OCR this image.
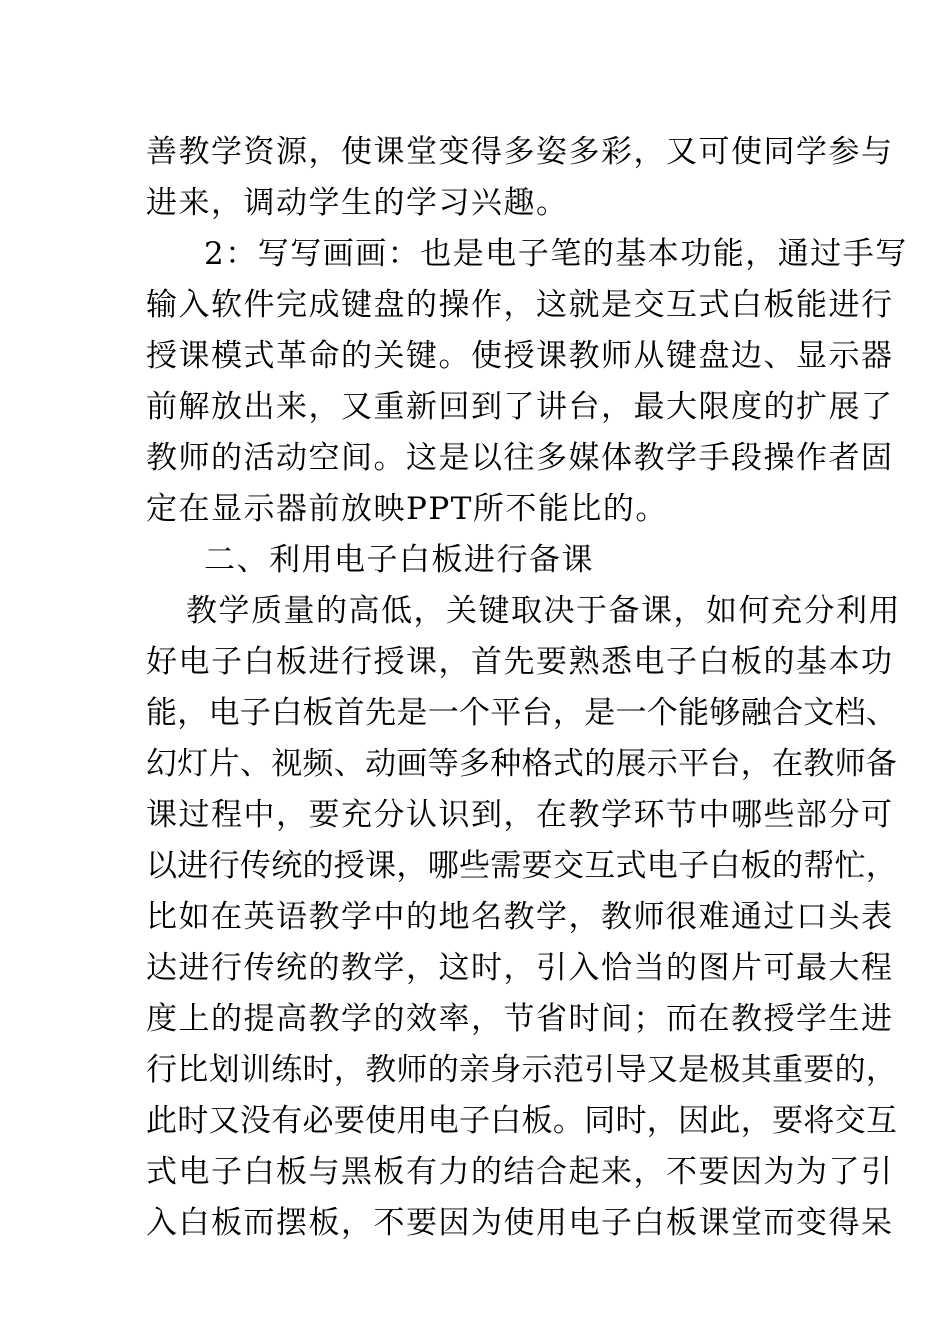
善教学资源，使课堂变得多姿多彩，又可使同学参与
进来，调动学生的学习兴趣。
2：写写画画：也是电子笔的基本功能，通过手写
输入软件完成键盘的操作，这就是交互式白板能进行
授课模式革命的关键。使授课教师从键盘边、显示器
前解放出来，又重新回到了讲台，最大限度的扩展了
教师的活动空间。这是以往多媒体教学手段操作者固
定在显示器前放映PPT所不能比的。
二、利用电子白板进行备课
教学质量的高低，关键取决于备课，如何充分利用
好电子白板进行授课，首先要熟悉电子白板的基本功
能，电子白板首先是一个平台，是一个能够融合文档、
幻灯片、视频、动画等多种格式的展示平台，在教师备
课过程中，要充分认识到，在教学环节中哪些部分可
以进行传统的授课，哪些需要交互式电子白板的帮忙，
比如在英语教学中的地名教学，教师很难通过口头表
达进行传统的教学，这时，引入恰当的图片可最大程
度上的提高教学的效率，节省时间；而在教授学生进
行比划训练时，教师的亲身示范引导又是极其重要的，
此时又没有必要使用电子白板。同时，因此，要将交互
式电子白板与黑板有力的结合起来，不要因为为了引
入白板而摆板，不要因为使用电子白板课堂而变得呆
